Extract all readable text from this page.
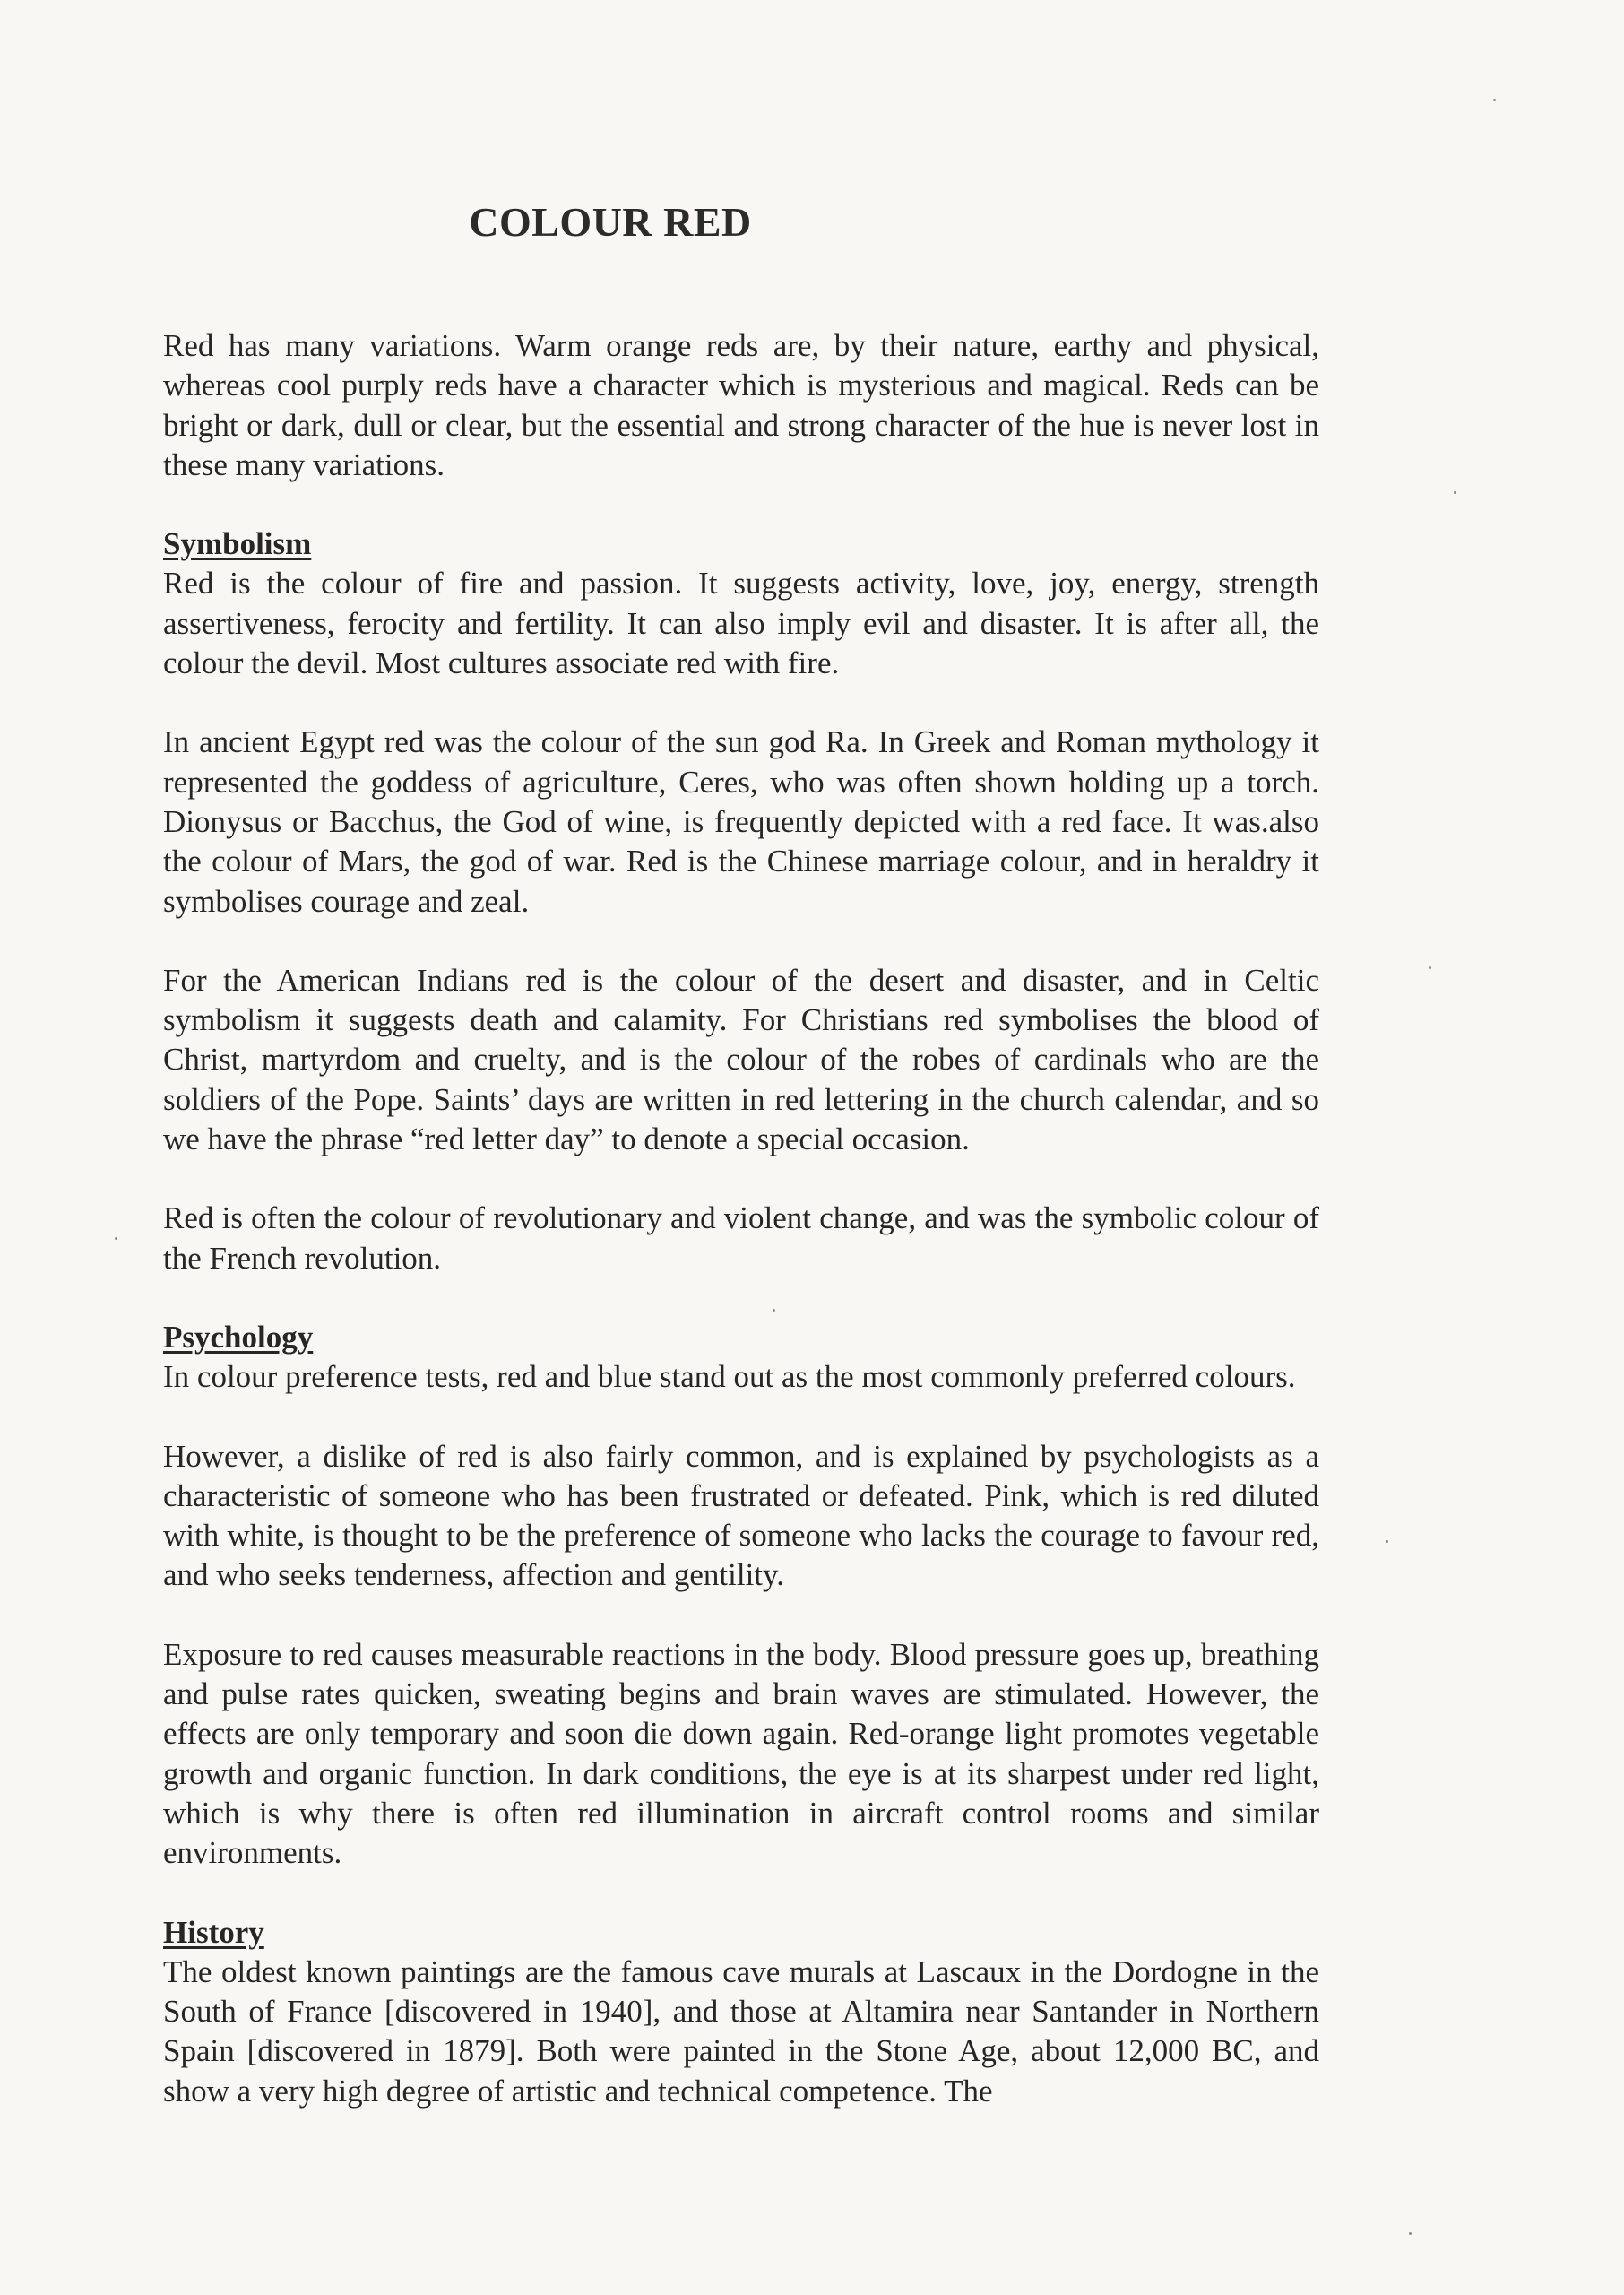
COLOUR RED

Red has many variations. Warm orange reds are, by their nature, earthy and physical, whereas cool purply reds have a character which is mysterious and magical. Reds can be bright or dark, dull or clear, but the essential and strong character of the hue is never lost in these many variations.

Symbolism

Red is the colour of fire and passion. It suggests activity, love, joy, energy, strength assertiveness, ferocity and fertility. It can also imply evil and disaster. It is after all, the colour the devil. Most cultures associate red with fire.

In ancient Egypt red was the colour of the sun god Ra. In Greek and Roman mythology it represented the goddess of agriculture, Ceres, who was often shown holding up a torch. Dionysus or Bacchus, the God of wine, is frequently depicted with a red face. It was.also the colour of Mars, the god of war. Red is the Chinese marriage colour, and in heraldry it symbolises courage and zeal.

For the American Indians red is the colour of the desert and disaster, and in Celtic symbolism it suggests death and calamity. For Christians red symbolises the blood of Christ, martyrdom and cruelty, and is the colour of the robes of cardinals who are the soldiers of the Pope. Saints’ days are written in red lettering in the church calendar, and so we have the phrase “red letter day” to denote a special occasion.

Red is often the colour of revolutionary and violent change, and was the symbolic colour of the French revolution.

Psychology

In colour preference tests, red and blue stand out as the most commonly preferred colours.

However, a dislike of red is also fairly common, and is explained by psychologists as a characteristic of someone who has been frustrated or defeated. Pink, which is red diluted with white, is thought to be the preference of someone who lacks the courage to favour red, and who seeks tenderness, affection and gentility.

Exposure to red causes measurable reactions in the body. Blood pressure goes up, breathing and pulse rates quicken, sweating begins and brain waves are stimulated. However, the effects are only temporary and soon die down again. Red-orange light promotes vegetable growth and organic function. In dark conditions, the eye is at its sharpest under red light, which is why there is often red illumination in aircraft control rooms and similar environments.

History

The oldest known paintings are the famous cave murals at Lascaux in the Dordogne in the South of France [discovered in 1940], and those at Altamira near Santander in Northern Spain [discovered in 1879]. Both were painted in the Stone Age, about 12,000 BC, and show a very high degree of artistic and technical competence. The
